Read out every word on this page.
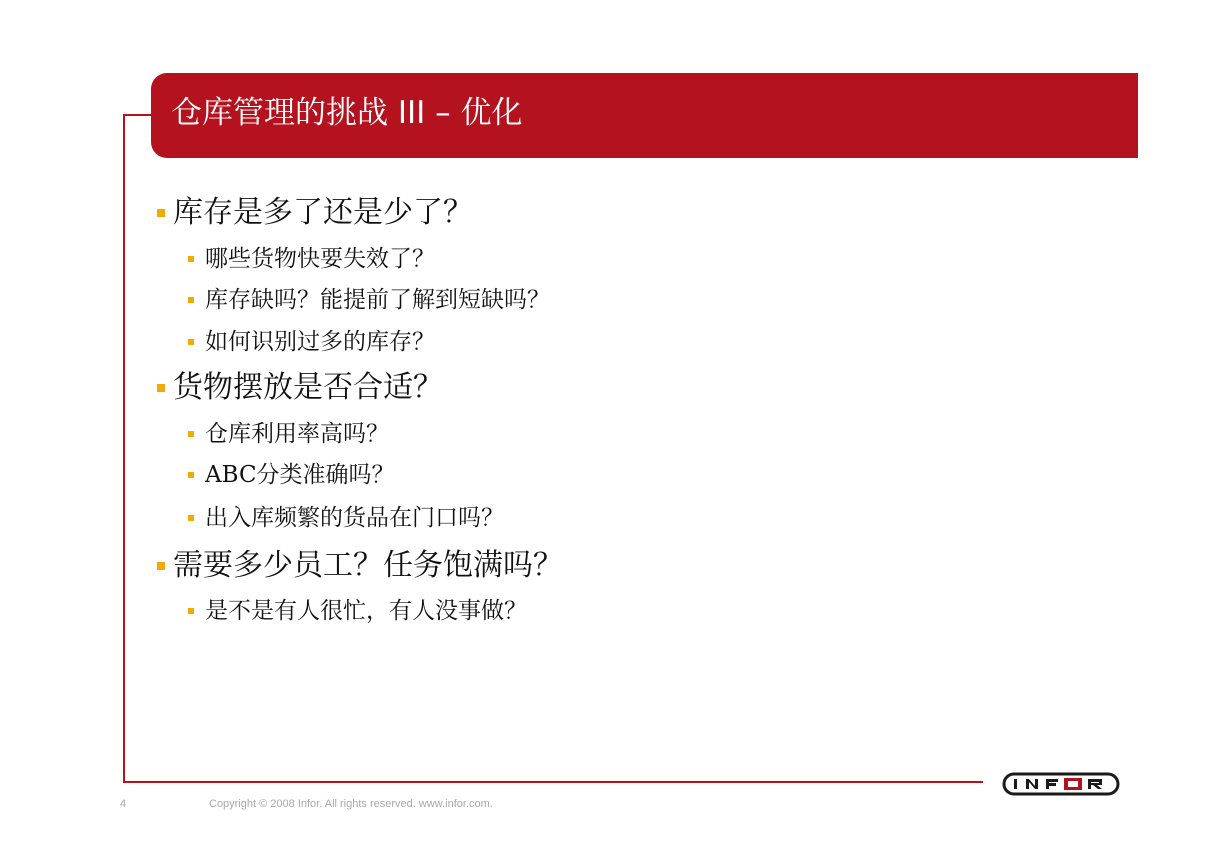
仓库管理的挑战 III – 优化
库存是多了还是少了？
哪些货物快要失效了？
库存缺吗？能提前了解到短缺吗？
如何识别过多的库存？
货物摆放是否合适？
仓库利用率高吗？
ABC分类准确吗？
出入库频繁的货品在门口吗？
需要多少员工？任务饱满吗？
是不是有人很忙，有人没事做？
4	Copyright © 2008 Infor. All rights reserved. www.infor.com.
